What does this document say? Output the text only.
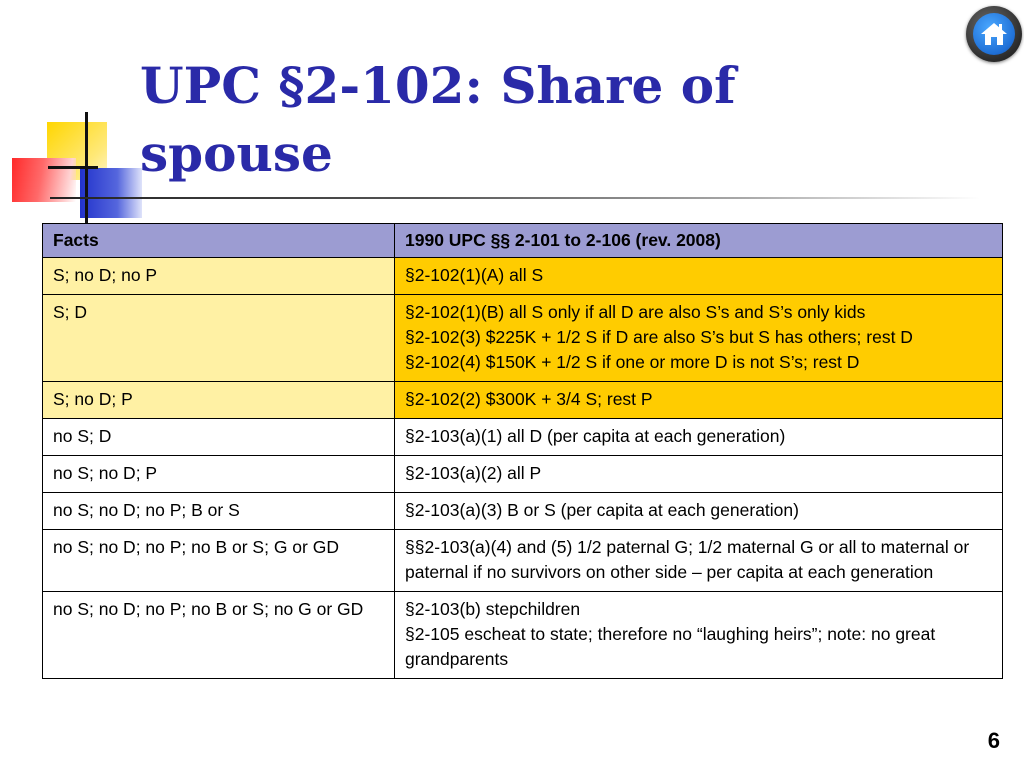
UPC §2-102: Share of spouse
Facts	1990 UPC §§ 2-101 to 2-106 (rev. 2008)
S; no D; no P	§2-102(1)(A) all S

S; D	§2-102(1)(B) all S only if all D are also S’s and S’s only kids
§2-102(3) $225K + 1/2 S if D are also S’s but S has others; rest D
§2-102(4) $150K + 1/2 S if one or more D is not S’s; rest D

S; no D; P	§2-102(2) $300K + 3/4 S; rest P

no S; D	§2-103(a)(1) all D (per capita at each generation)

no S; no D; P	§2-103(a)(2) all P

no S; no D; no P; B or S	§2-103(a)(3) B or S (per capita at each generation)

no S; no D; no P; no B or S; G or GD	§§2-103(a)(4) and (5) 1/2 paternal G; 1/2 maternal G or all to maternal or paternal if no survivors on other side – per capita at each generation

no S; no D; no P; no B or S; no G or GD	§2-103(b) stepchildren
§2-105 escheat to state; therefore no “laughing heirs”; note: no great grandparents
6
